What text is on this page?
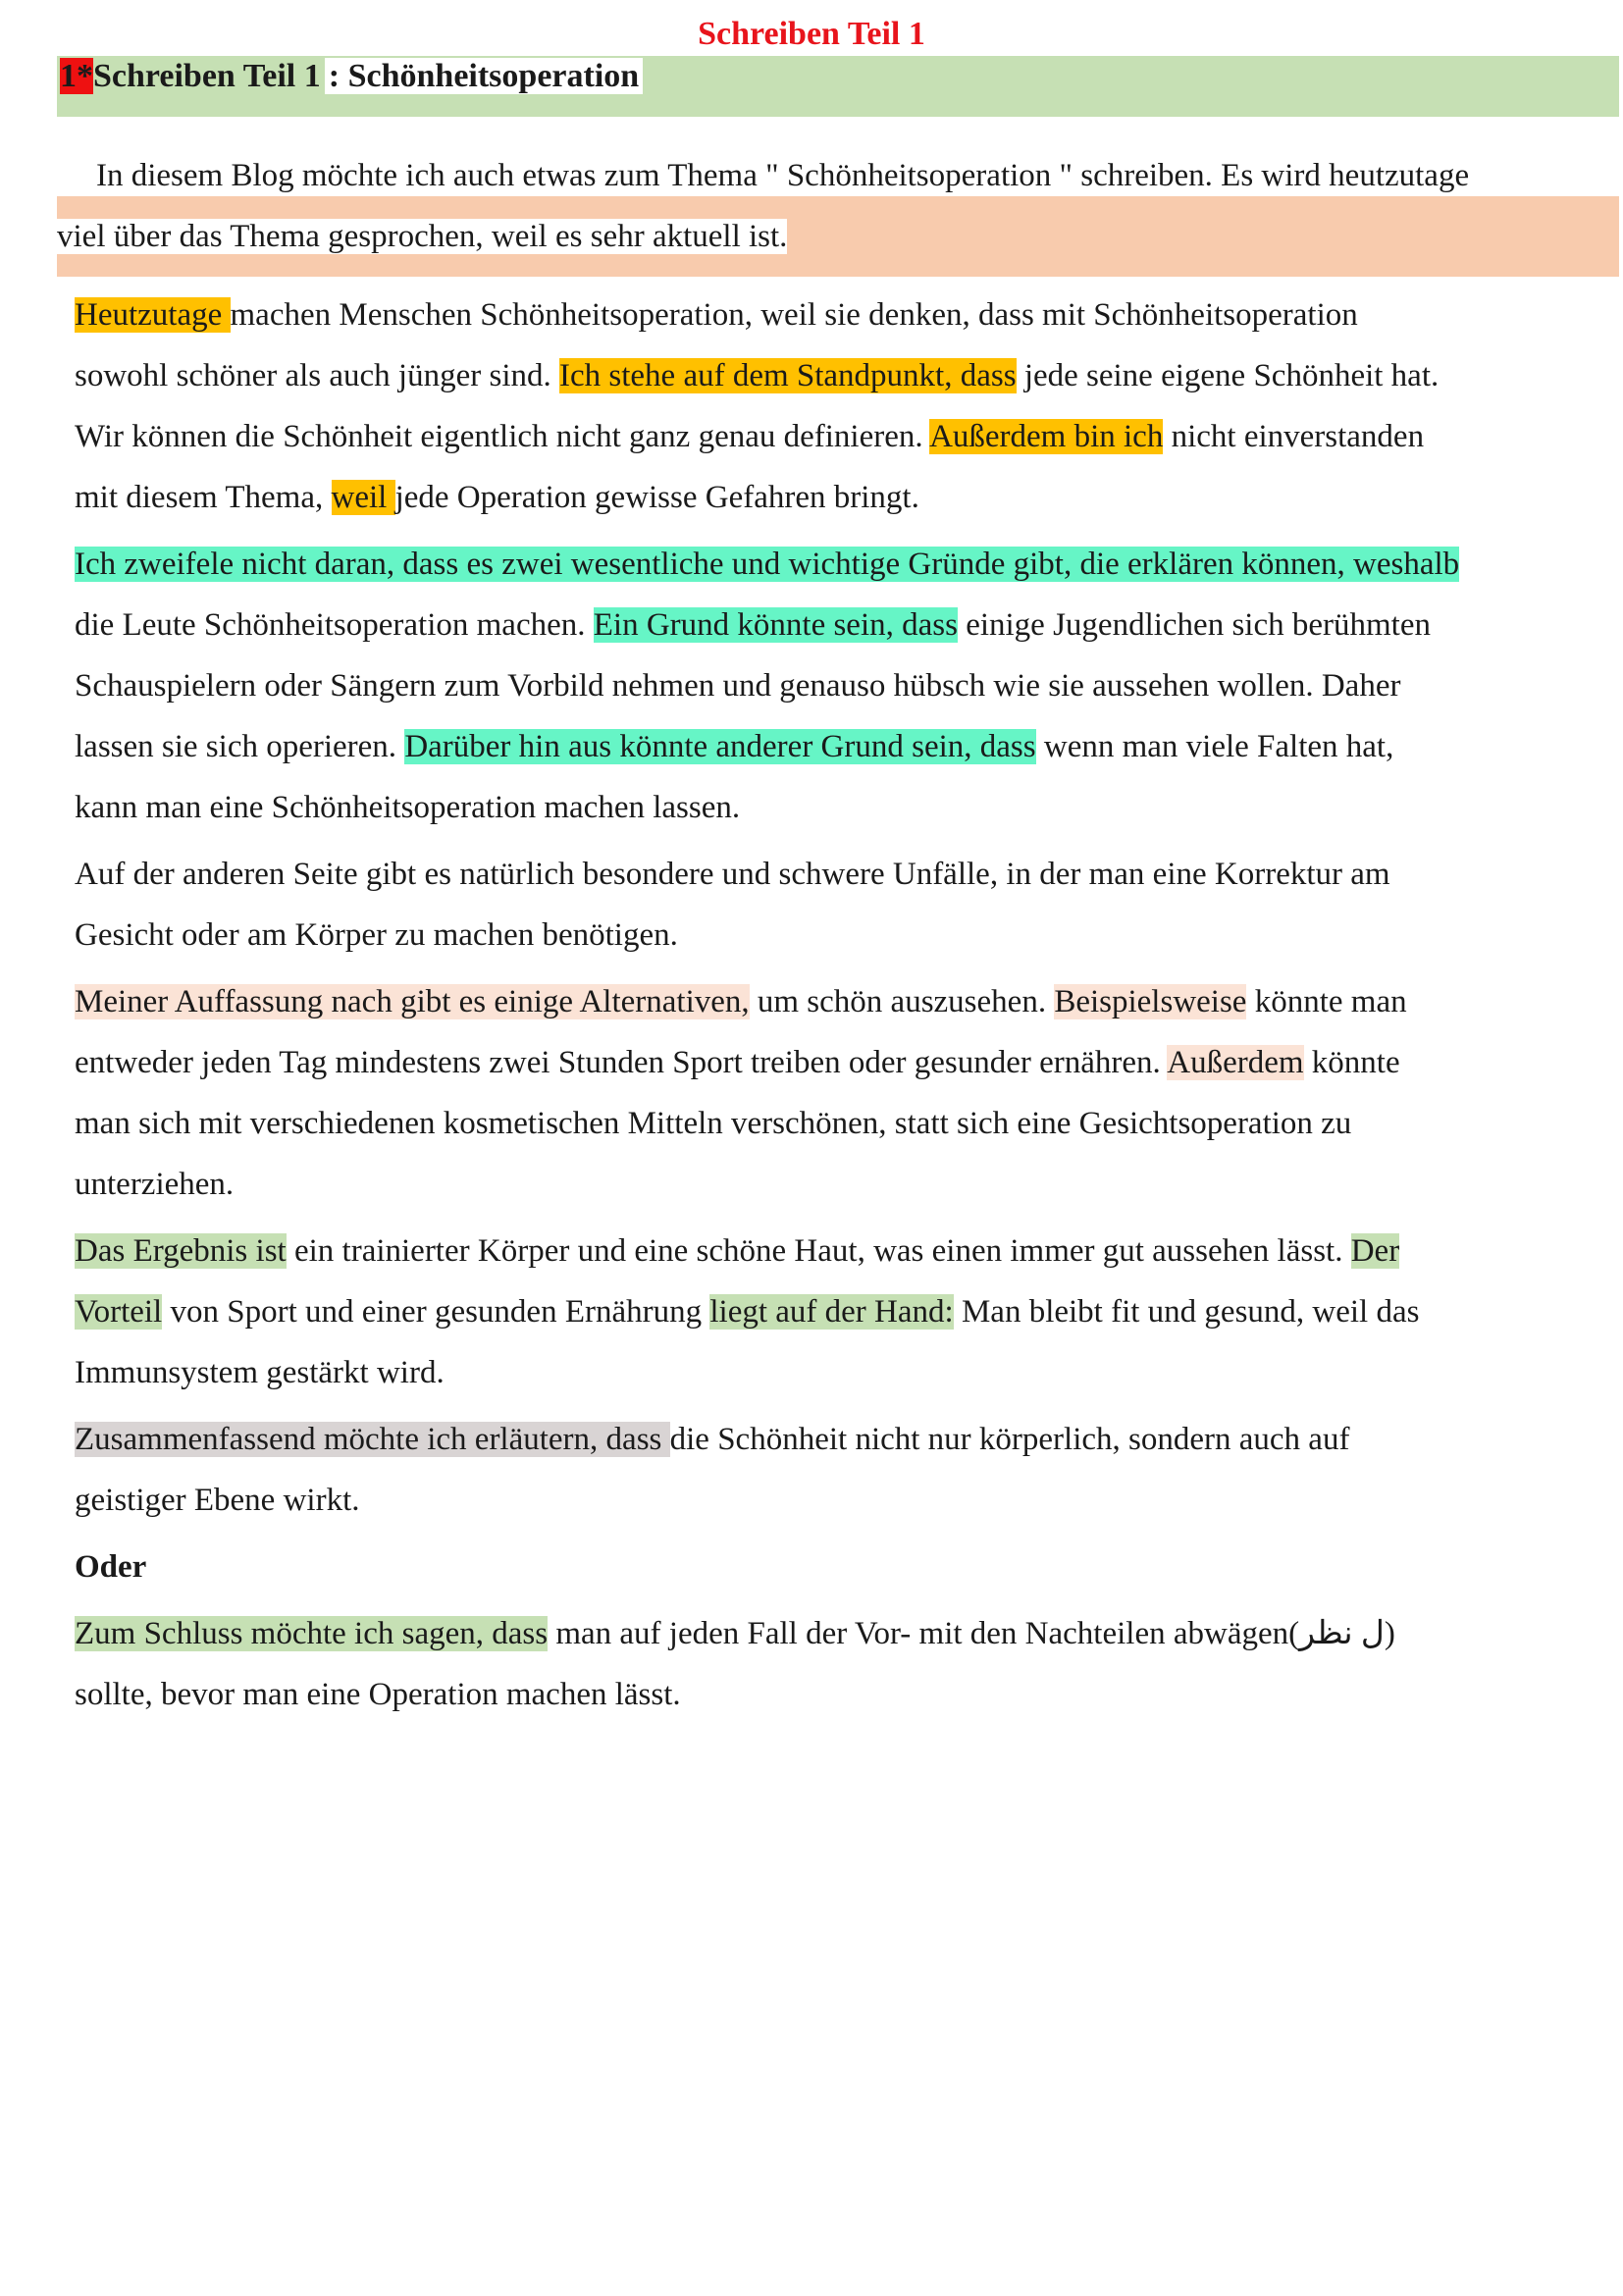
Schreiben Teil 1
1*Schreiben Teil 1 : Schönheitsoperation
In diesem Blog möchte ich auch etwas zum Thema " Schönheitsoperation " schreiben. Es wird heutzutage
viel über das Thema gesprochen, weil es sehr aktuell ist.
Heutzutage machen Menschen Schönheitsoperation, weil sie denken, dass mit Schönheitsoperation
sowohl schöner als auch jünger sind. Ich stehe auf dem Standpunkt, dass jede seine eigene Schönheit hat.
Wir können die Schönheit eigentlich nicht ganz genau definieren. Außerdem bin ich nicht einverstanden
mit diesem Thema, weil jede Operation gewisse Gefahren bringt.
Ich zweifele nicht daran, dass es zwei wesentliche und wichtige Gründe gibt, die erklären können, weshalb
die Leute Schönheitsoperation machen. Ein Grund könnte sein, dass einige Jugendlichen sich berühmten
Schauspielern oder Sängern zum Vorbild nehmen und genauso hübsch wie sie aussehen wollen. Daher
lassen sie sich operieren. Darüber hin aus könnte anderer Grund sein, dass wenn man viele Falten hat,
kann man eine Schönheitsoperation machen lassen.
Auf der anderen Seite gibt es natürlich besondere und schwere Unfälle, in der man eine Korrektur am
Gesicht oder am Körper zu machen benötigen.
Meiner Auffassung nach gibt es einige Alternativen, um schön auszusehen. Beispielsweise könnte man
entweder jeden Tag mindestens zwei Stunden Sport treiben oder gesunder ernähren. Außerdem könnte
man sich mit verschiedenen kosmetischen Mitteln verschönen, statt sich eine Gesichtsoperation zu
unterziehen.
Das Ergebnis ist ein trainierter Körper und eine schöne Haut, was einen immer gut aussehen lässt. Der
Vorteil von Sport und einer gesunden Ernährung liegt auf der Hand: Man bleibt fit und gesund, weil das
Immunsystem gestärkt wird.
Zusammenfassend möchte ich erläutern, dass die Schönheit nicht nur körperlich, sondern auch auf
geistiger Ebene wirkt.
Oder
Zum Schluss möchte ich sagen, dass man auf jeden Fall der Vor- mit den Nachteilen abwägen(ﻝ ﻧﻈﺮ)
sollte, bevor man eine Operation machen lässt.
